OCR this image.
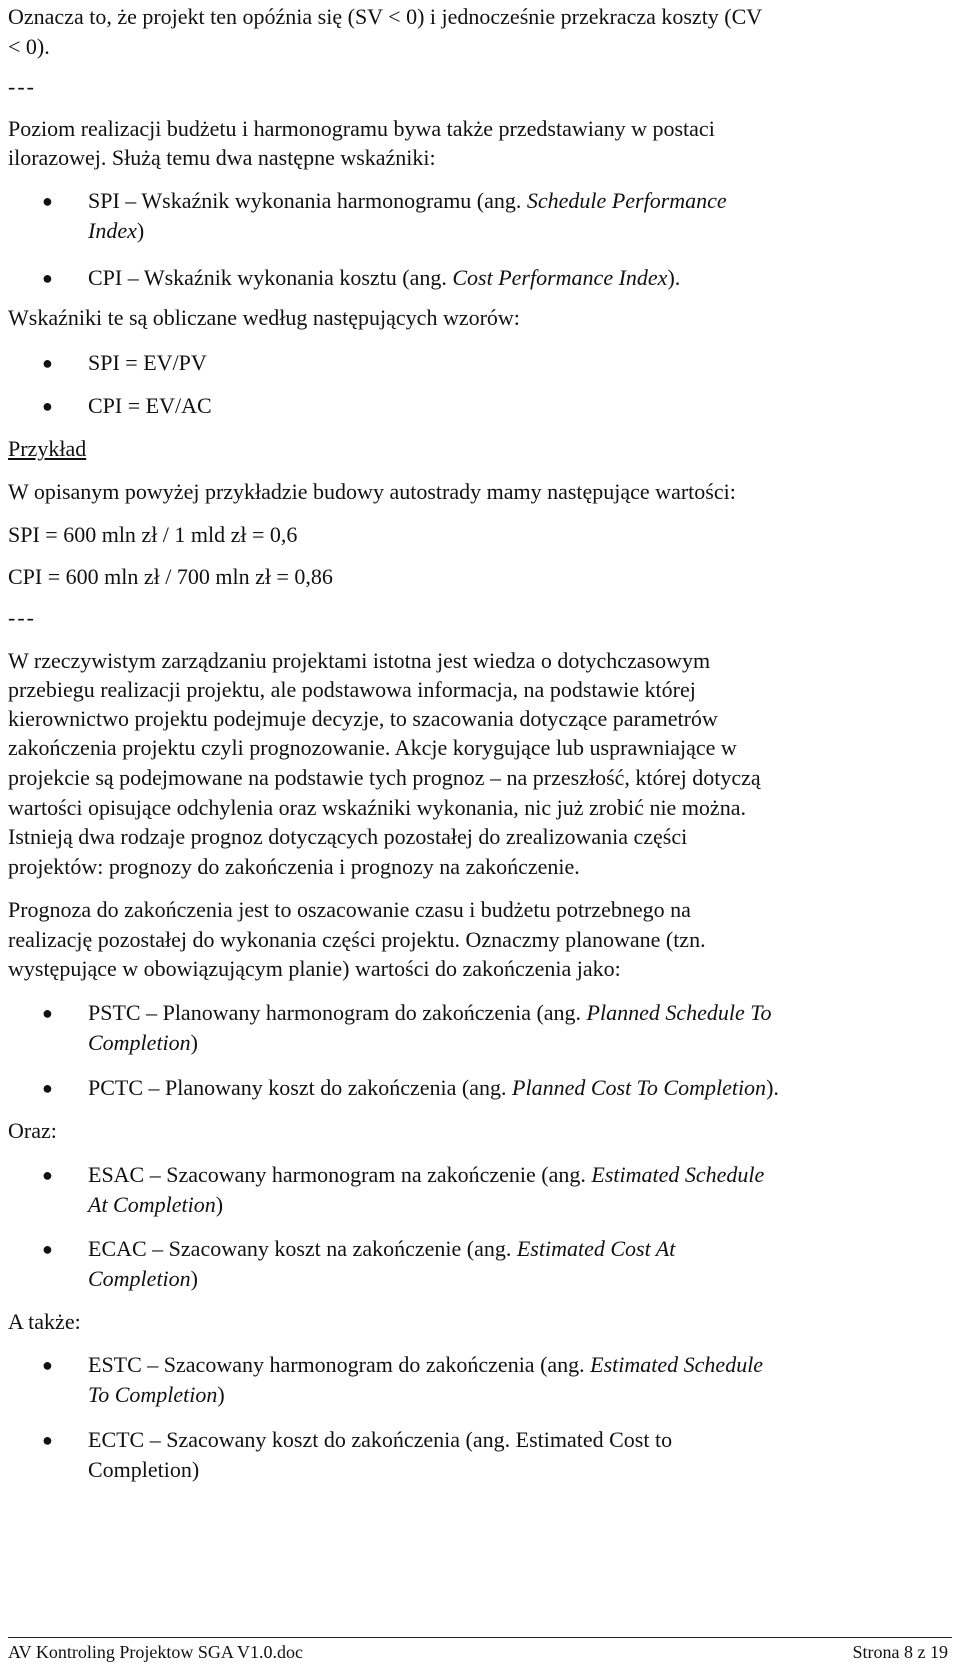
Oznacza to, że projekt ten opóźnia się (SV < 0) i jednocześnie przekracza koszty (CV

< 0).

---

Poziom realizacji budżetu i harmonogramu bywa także przedstawiany w postaci

ilorazowej. Służą temu dwa następne wskaźniki:

● SPI – Wskaźnik wykonania harmonogramu (ang. Schedule Performance

Index)

● CPI – Wskaźnik wykonania kosztu (ang. Cost Performance Index).

Wskaźniki te są obliczane według następujących wzorów:

● SPI = EV/PV

● CPI = EV/AC

Przykład

W opisanym powyżej przykładzie budowy autostrady mamy następujące wartości:

SPI = 600 mln zł / 1 mld zł = 0,6

CPI = 600 mln zł / 700 mln zł = 0,86

---

W rzeczywistym zarządzaniu projektami istotna jest wiedza o dotychczasowym

przebiegu realizacji projektu, ale podstawowa informacja, na podstawie której

kierownictwo projektu podejmuje decyzje, to szacowania dotyczące parametrów

zakończenia projektu czyli prognozowanie. Akcje korygujące lub usprawniające w

projekcie są podejmowane na podstawie tych prognoz – na przeszłość, której dotyczą

wartości opisujące odchylenia oraz wskaźniki wykonania, nic już zrobić nie można.

Istnieją dwa rodzaje prognoz dotyczących pozostałej do zrealizowania części

projektów: prognozy do zakończenia i prognozy na zakończenie.

Prognoza do zakończenia jest to oszacowanie czasu i budżetu potrzebnego na

realizację pozostałej do wykonania części projektu. Oznaczmy planowane (tzn.

występujące w obowiązującym planie) wartości do zakończenia jako:

● PSTC – Planowany harmonogram do zakończenia (ang. Planned Schedule To

Completion)

● PCTC – Planowany koszt do zakończenia (ang. Planned Cost To Completion).

Oraz:

● ESAC – Szacowany harmonogram na zakończenie (ang. Estimated Schedule

At Completion)

● ECAC – Szacowany koszt na zakończenie (ang. Estimated Cost At

Completion)

A także:

● ESTC – Szacowany harmonogram do zakończenia (ang. Estimated Schedule

To Completion)

● ECTC – Szacowany koszt do zakończenia (ang. Estimated Cost to

Completion)

AV Kontroling Projektow SGA V1.0.doc	Strona 8 z 19
